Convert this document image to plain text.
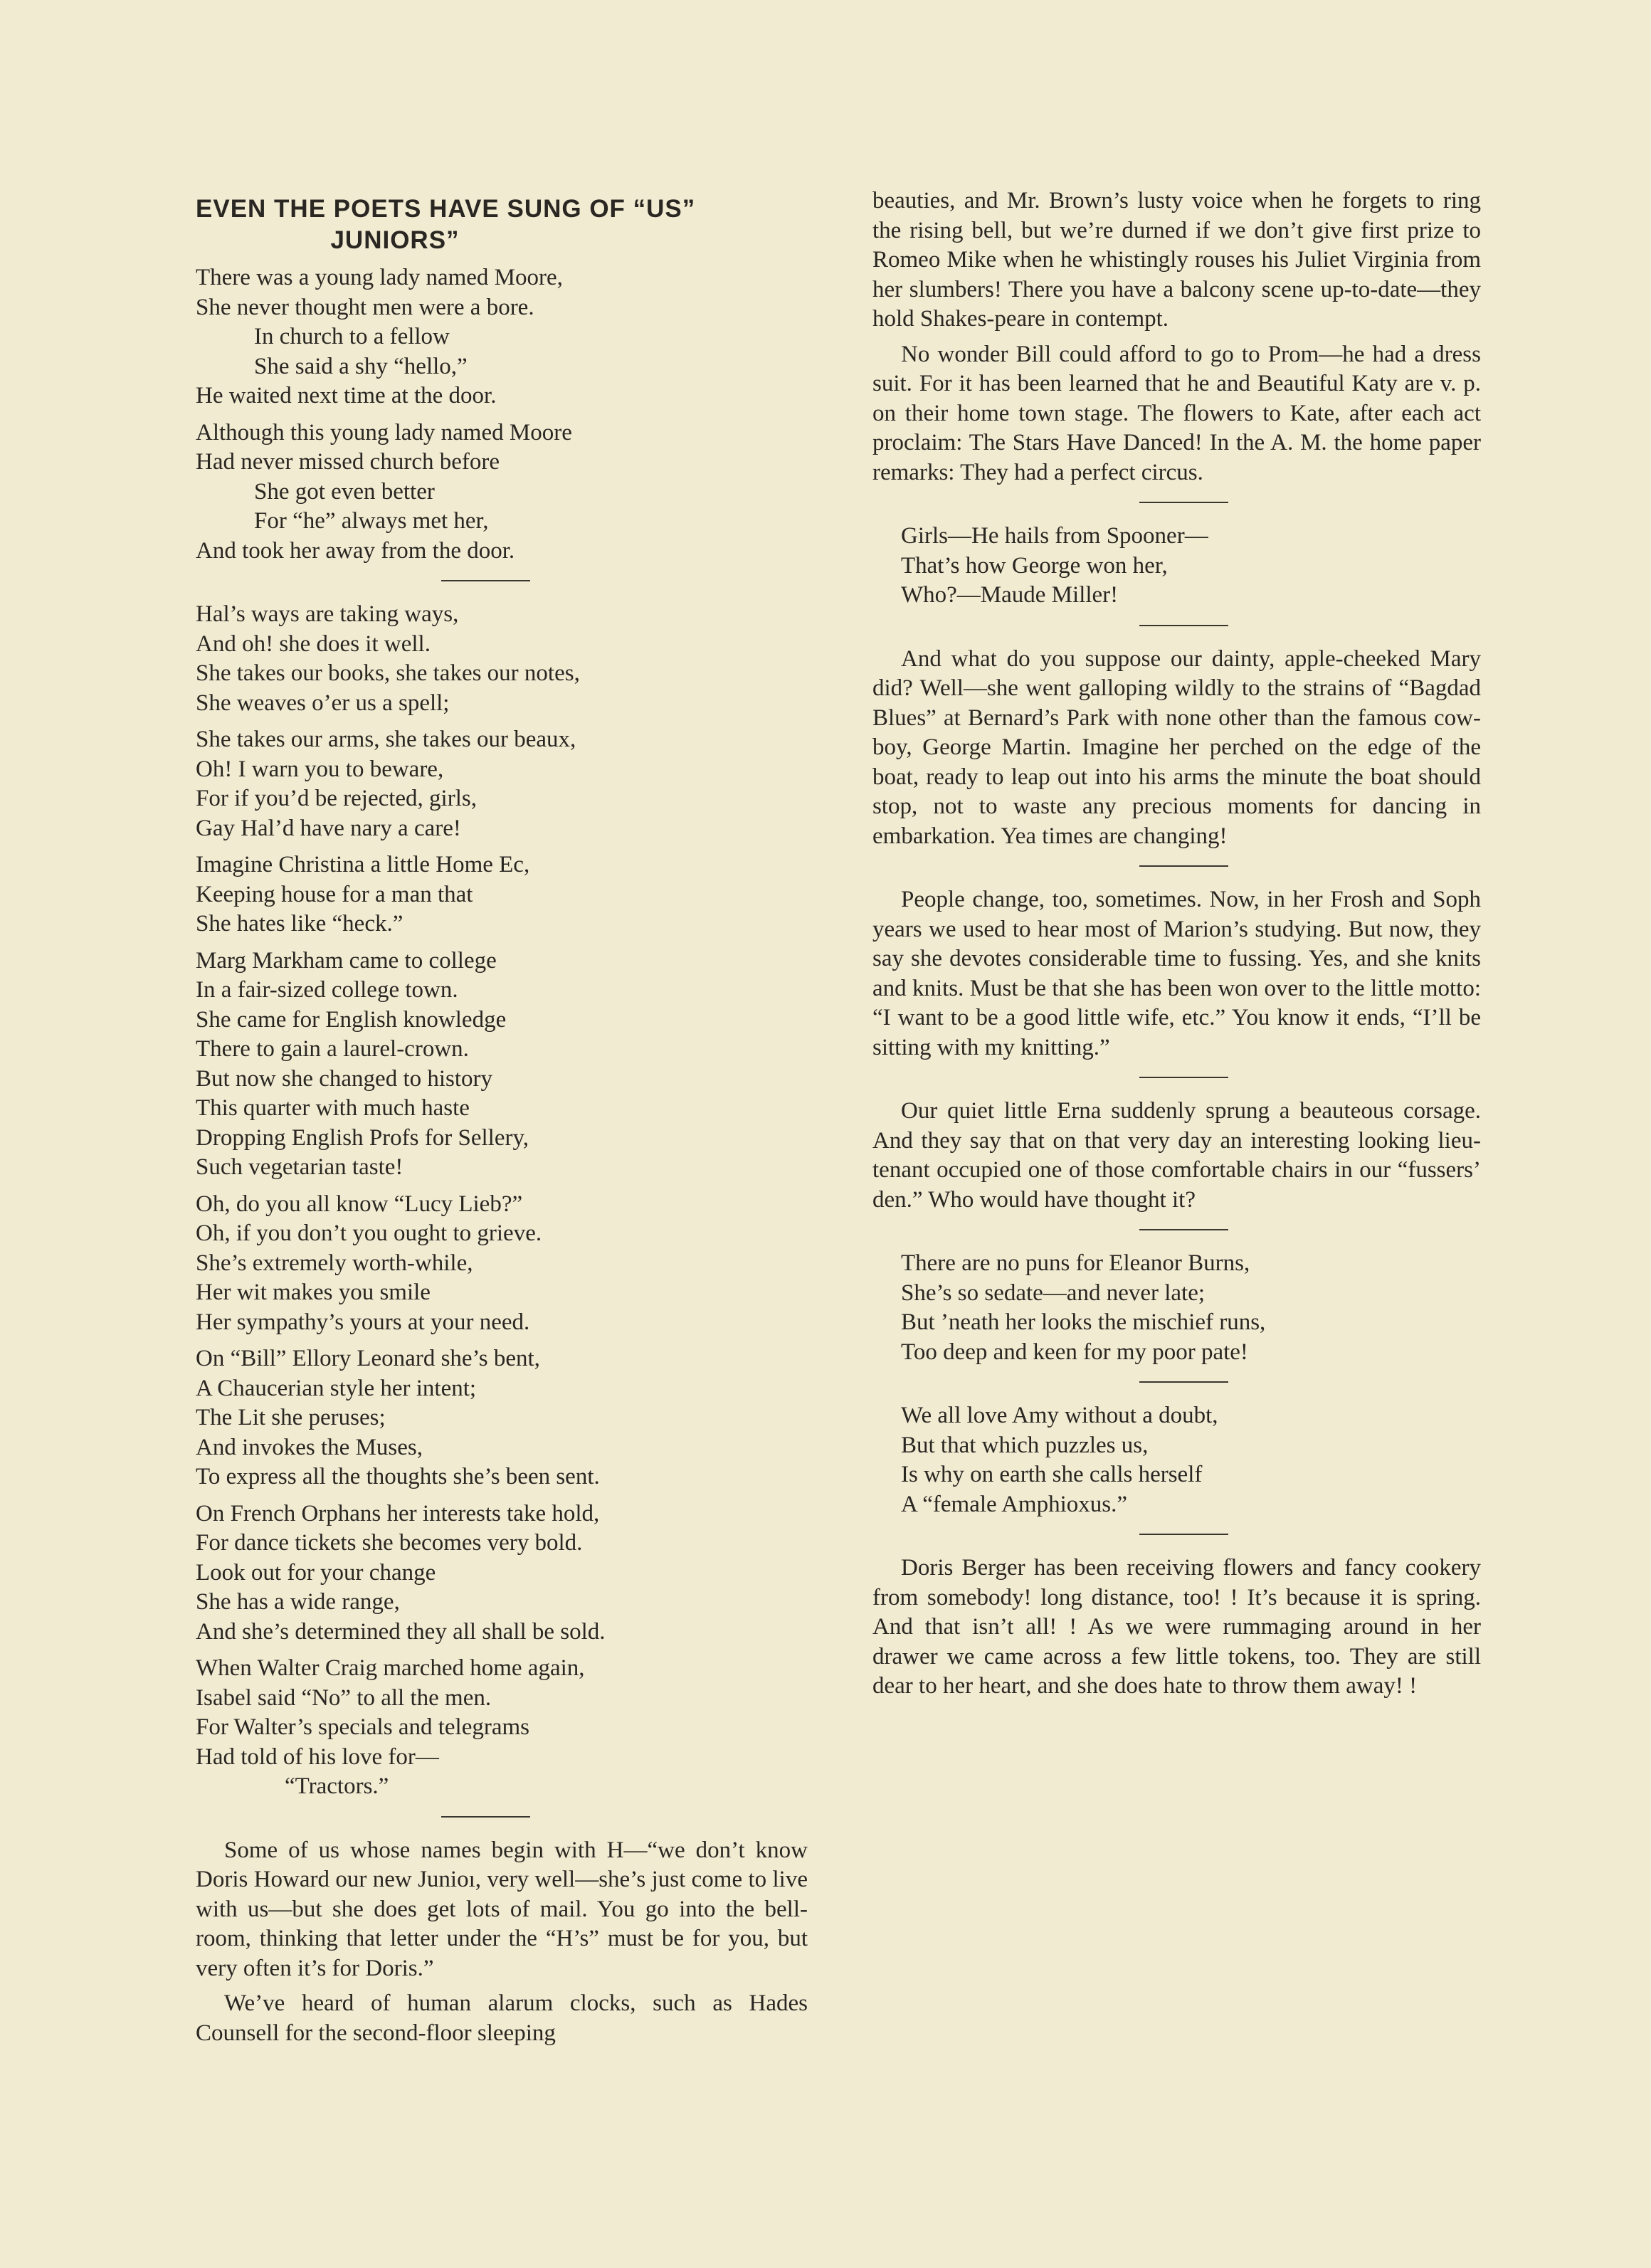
EVEN THE POETS HAVE SUNG OF “US”
JUNIORS”
There was a young lady named Moore,
She never thought men were a bore.
In church to a fellow
She said a shy “hello,”
He waited next time at the door.
Although this young lady named Moore
Had never missed church before
She got even better
For “he” always met her,
And took her away from the door.
Hal’s ways are taking ways,
And oh! she does it well.
She takes our books, she takes our notes,
She weaves o’er us a spell;
She takes our arms, she takes our beaux,
Oh! I warn you to beware,
For if you’d be rejected, girls,
Gay Hal’d have nary a care!
Imagine Christina a little Home Ec,
Keeping house for a man that
She hates like “heck.”
Marg Markham came to college
In a fair-sized college town.
She came for English knowledge
There to gain a laurel-crown.
But now she changed to history
This quarter with much haste
Dropping English Profs for Sellery,
Such vegetarian taste!
Oh, do you all know “Lucy Lieb?”
Oh, if you don’t you ought to grieve.
She’s extremely worth-while,
Her wit makes you smile
Her sympathy’s yours at your need.
On “Bill” Ellory Leonard she’s bent,
A Chaucerian style her intent;
The Lit she peruses;
And invokes the Muses,
To express all the thoughts she’s been sent.
On French Orphans her interests take hold,
For dance tickets she becomes very bold.
Look out for your change
She has a wide range,
And she’s determined they all shall be sold.
When Walter Craig marched home again,
Isabel said “No” to all the men.
For Walter’s specials and telegrams
Had told of his love for—
“Tractors.”

Some of us whose names begin with H—“we don’t know Doris Howard our new Junioı, very well—she’s just come to live with us—but she does get lots of mail. You go into the bell-room, thinking that letter under the “H’s” must be for you, but very often it’s for Doris.”

We’ve heard of human alarum clocks, such as Hades Counsell for the second-floor sleeping

beauties, and Mr. Brown’s lusty voice when he forgets to ring the rising bell, but we’re durned if we don’t give first prize to Romeo Mike when he whistingly rouses his Juliet Virginia from her slumbers! There you have a balcony scene up-to-date—they hold Shakes-peare in contempt.

No wonder Bill could afford to go to Prom—he had a dress suit. For it has been learned that he and Beautiful Katy are v. p. on their home town stage. The flowers to Kate, after each act proclaim: The Stars Have Danced! In the A. M. the home paper remarks: They had a perfect circus.

Girls—He hails from Spooner—
That’s how George won her,
Who?—Maude Miller!

And what do you suppose our dainty, apple-cheeked Mary did? Well—she went galloping wildly to the strains of “Bagdad Blues” at Bernard’s Park with none other than the famous cow-boy, George Martin. Imagine her perched on the edge of the boat, ready to leap out into his arms the minute the boat should stop, not to waste any precious moments for dancing in embarkation. Yea times are changing!

People change, too, sometimes. Now, in her Frosh and Soph years we used to hear most of Marion’s studying. But now, they say she devotes considerable time to fussing. Yes, and she knits and knits. Must be that she has been won over to the little motto: “I want to be a good little wife, etc.” You know it ends, “I’ll be sitting with my knitting.”

Our quiet little Erna suddenly sprung a beauteous corsage. And they say that on that very day an interesting looking lieu-tenant occupied one of those comfortable chairs in our “fussers’ den.” Who would have thought it?

There are no puns for Eleanor Burns,
She’s so sedate—and never late;
But ’neath her looks the mischief runs,
Too deep and keen for my poor pate!
We all love Amy without a doubt,
But that which puzzles us,
Is why on earth she calls herself
A “female Amphioxus.”

Doris Berger has been receiving flowers and fancy cookery from somebody! long distance, too! ! It’s because it is spring. And that isn’t all! ! As we were rummaging around in her drawer we came across a few little tokens, too. They are still dear to her heart, and she does hate to throw them away! !
